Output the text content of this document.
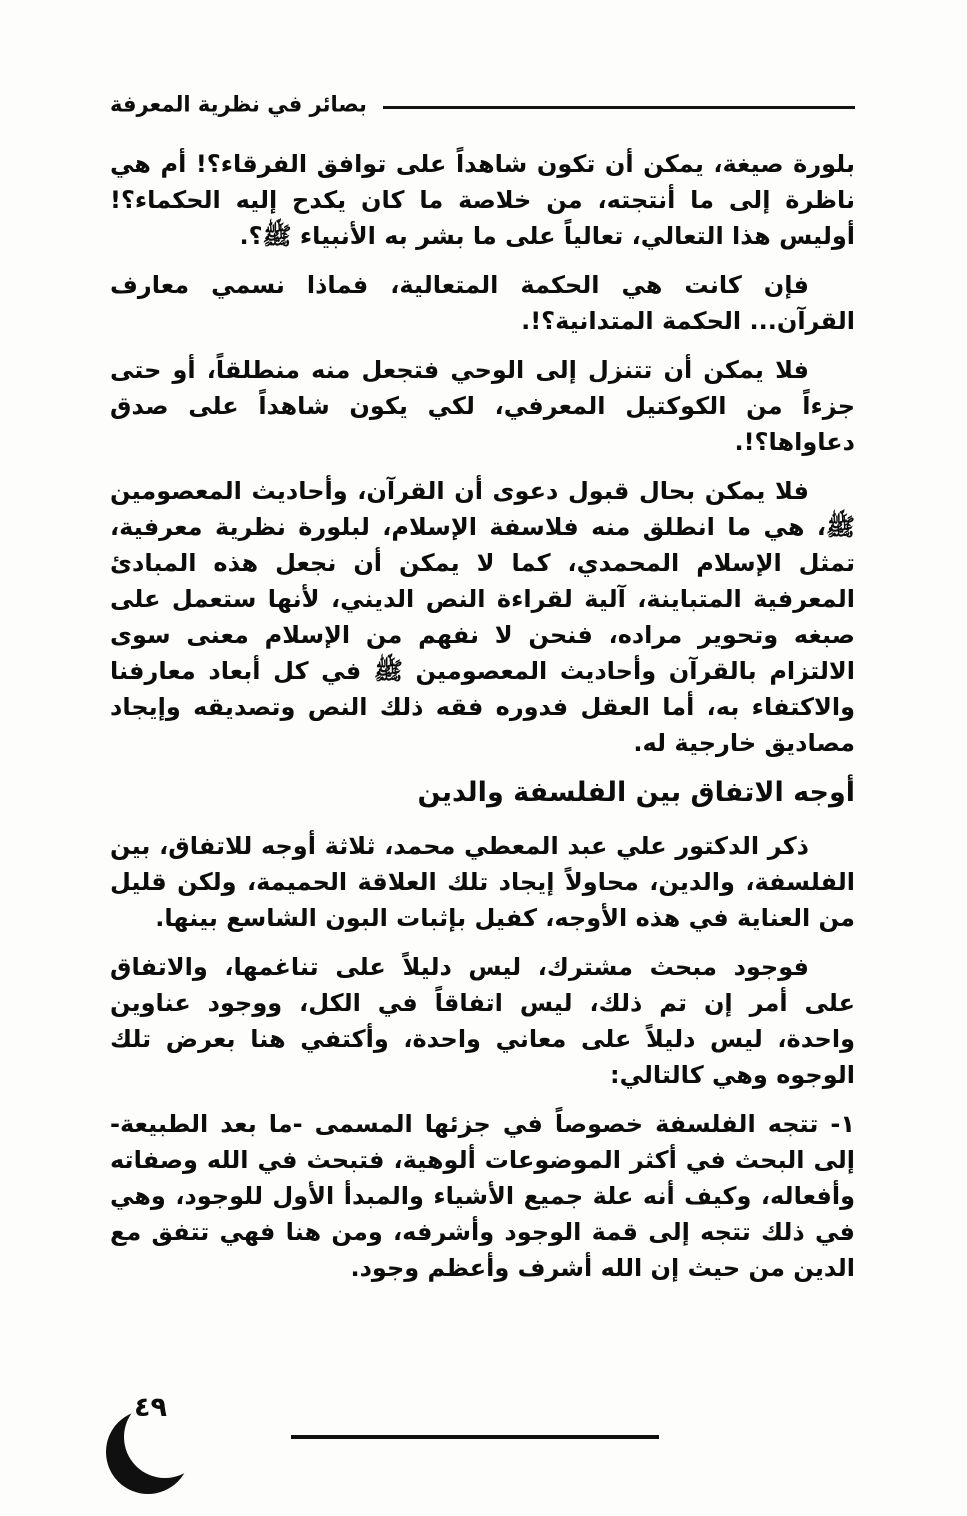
بصائر في نظرية المعرفة

بلورة صيغة، يمكن أن تكون شاهداً على توافق الفرقاء؟! أم هي ناظرة إلى ما أنتجته، من خلاصة ما كان يكدح إليه الحكماء؟! أوليس هذا التعالي، تعالياً على ما بشر به الأنبياء ﷺ؟.

فإن كانت هي الحكمة المتعالية، فماذا نسمي معارف القرآن... الحكمة المتدانية؟!.

فلا يمكن أن تتنزل إلى الوحي فتجعل منه منطلقاً، أو حتى جزءاً من الكوكتيل المعرفي، لكي يكون شاهداً على صدق دعاواها؟!.

فلا يمكن بحال قبول دعوى أن القرآن، وأحاديث المعصومين ﷺ، هي ما انطلق منه فلاسفة الإسلام، لبلورة نظرية معرفية، تمثل الإسلام المحمدي، كما لا يمكن أن نجعل هذه المبادئ المعرفية المتباينة، آلية لقراءة النص الديني، لأنها ستعمل على صبغه وتحوير مراده، فنحن لا نفهم من الإسلام معنى سوى الالتزام بالقرآن وأحاديث المعصومين ﷺ في كل أبعاد معارفنا والاكتفاء به، أما العقل فدوره فقه ذلك النص وتصديقه وإيجاد مصاديق خارجية له.

أوجه الاتفاق بين الفلسفة والدين

ذكر الدكتور علي عبد المعطي محمد، ثلاثة أوجه للاتفاق، بين الفلسفة، والدين، محاولاً إيجاد تلك العلاقة الحميمة، ولكن قليل من العناية في هذه الأوجه، كفيل بإثبات البون الشاسع بينها.

فوجود مبحث مشترك، ليس دليلاً على تناغمها، والاتفاق على أمر إن تم ذلك، ليس اتفاقاً في الكل، ووجود عناوين واحدة، ليس دليلاً على معاني واحدة، وأكتفي هنا بعرض تلك الوجوه وهي كالتالي:

١- تتجه الفلسفة خصوصاً في جزئها المسمى -ما بعد الطبيعة- إلى البحث في أكثر الموضوعات ألوهية، فتبحث في الله وصفاته وأفعاله، وكيف أنه علة جميع الأشياء والمبدأ الأول للوجود، وهي في ذلك تتجه إلى قمة الوجود وأشرفه، ومن هنا فهي تتفق مع الدين من حيث إن الله أشرف وأعظم وجود.

٤٩
